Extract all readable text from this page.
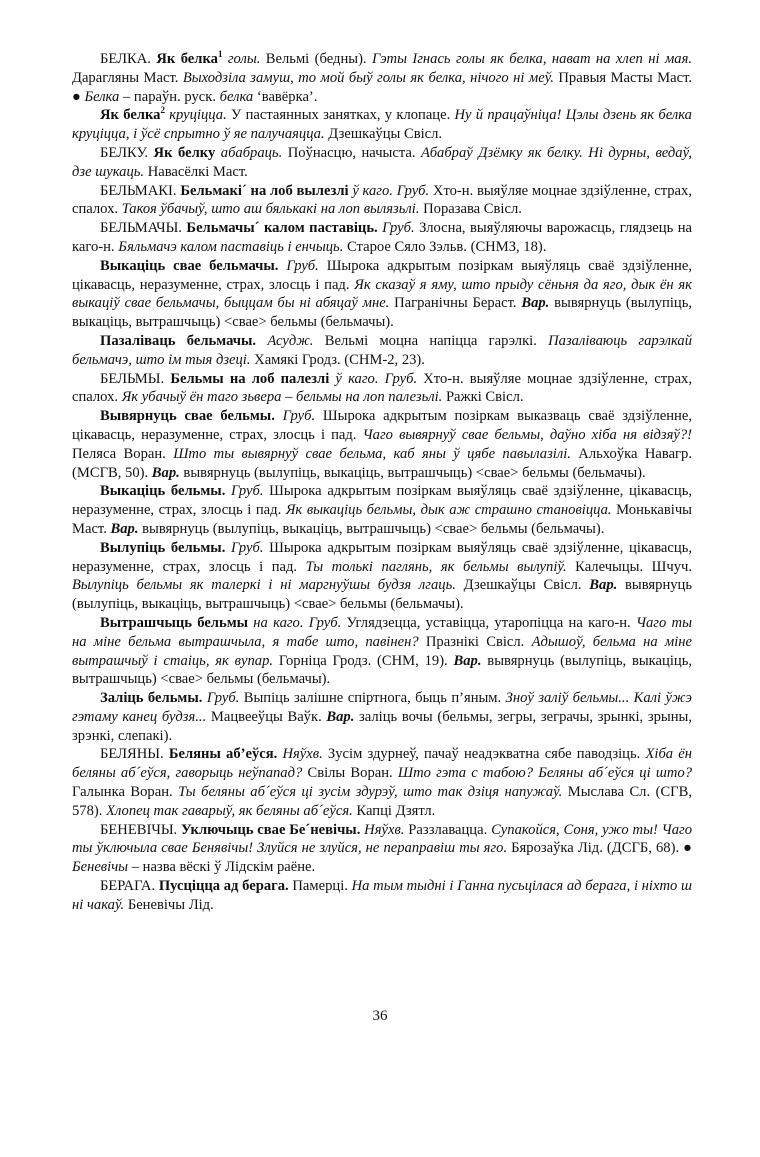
БЕЛКА. Як белка$^1$ голы. Вельмі (бедны). Гэты Ігнась голы як белка, нават на хлеп ні мая. Дарагляны Маст. Выходзіла замуш, то мой быў голы як белка, нічого ні меў. Правыя Масты Маст. ● Белка – параўн. руск. белка ‘вавёрка’.

Як белка$^2$ круціцца. У пастаянных занятках, у клопаце. Ну й працаўніца! Цэлы дзень як белка круціцца, і ўсё спрытно ў яе палучаяцца. Дзешкаўцы Свісл.

БЕЛКУ. Як белку абабраць. Поўнасцю, начыста. Абабраў Дзёмку як белку. Ні дурны, ведаў, дзе шукаць. Навасёлкі Маст.

БЕЛЬМАКІ. Бельмакі´ на лоб вылезлі ў каго. Груб. Хто-н. выяўляе моцнае здзіўленне, страх, спалох. Такоя ўбачыў, што аш бялькакі на лоп вылязьлі. Поразава Свісл.

БЕЛЬМАЧЫ. Бельмачы´ калом паставіць. Груб. Злосна, выяўляючы варожасць, глядзець на каго-н. Бяльмачэ калом паставіць і енчыць. Старое Сяло Зэльв. (СНМЗ, 18).

Выкаціць свае бельмачы. Груб. Шырока адкрытым позіркам выяўляць сваё здзіўленне, цікавасць, неразуменне, страх, злосць і пад. Як сказаў я яму, што прыду сёньня да яго, дык ён як выкаціў свае бельмачы, быццам бы ні абяцаў мне. Пагранічны Бераст. Вар. вывярнуць (вылупіць, выкаціць, вытрашчыць) <свае> бельмы (бельмачы).

Пазаліваць бельмачы. Асудж. Вельмі моцна напіцца гарэлкі. Пазаліваюць гарэлкай бельмачэ, што ім тыя дзеці. Хамякі Гродз. (СНМ-2, 23).

БЕЛЬМЫ. Бельмы на лоб палезлі ў каго. Груб. Хто-н. выяўляе моцнае здзіўленне, страх, спалох. Як убачыў ён таго зьвера – бельмы на лоп палезьлі. Ражкі Свісл.

Вывярнуць свае бельмы. Груб. Шырока адкрытым позіркам выказваць сваё здзіўленне, цікавасць, неразуменне, страх, злосць і пад. Чаго вывярнуў свае бельмы, даўно хіба ня відзяў?! Пеляса Воран. Што ты вывярнуў свае бельма, каб яны ў цябе павылазілі. Альхоўка Навагр. (МСГВ, 50). Вар. вывярнуць (вылупіць, выкаціць, вытрашчыць) <свае> бельмы (бельмачы).

Выкаціць бельмы. Груб. Шырока адкрытым позіркам выяўляць сваё здзіўленне, цікавасць, неразуменне, страх, злосць і пад. Як выкаціць бельмы, дык аж страшно становіцца. Монькавічы Маст. Вар. вывярнуць (вылупіць, выкаціць, вытрашчыць) <свае> бельмы (бельмачы).

Вылупіць бельмы. Груб. Шырока адкрытым позіркам выяўляць сваё здзіўленне, цікавасць, неразуменне, страх, злосць і пад. Ты толькі паглянь, як бельмы вылупіў. Калечыцы. Шчуч. Вылупіць бельмы як талеркі і ні маргнуўшы будзя лгаць. Дзешкаўцы Свісл. Вар. вывярнуць (вылупіць, выкаціць, вытрашчыць) <свае> бельмы (бельмачы).

Вытрашчыць бельмы на каго. Груб. Углядзецца, уставіцца, утаропіцца на каго-н. Чаго ты на міне бельма вытрашчыла, я табе што, павінен? Празнікі Свісл. Адышоў, бельма на міне вытрашчыў і стаіць, як вупар. Горніца Гродз. (СНМ, 19). Вар. вывярнуць (вылупіць, выкаціць, вытрашчыць) <свае> бельмы (бельмачы).

Заліць бельмы. Груб. Выпіць залішне спіртнога, быць п’яным. Зноў заліў бельмы... Калі ўжэ гэтаму канец будзя... Мацвееўцы Ваўк. Вар. заліць вочы (бельмы, зегры, зеграчы, зрынкі, зрыны, зрэнкі, слепакі).

БЕЛЯНЫ. Беляны аб’еўся. Няўхв. Зусім здурнеў, пачаў неадэкватна сябе паводзіць. Хіба ён беляны аб´еўся, гаворыць неўпапад? Свілы Воран. Што гэта с табою? Беляны аб´еўся ці што? Галынка Воран. Ты беляны аб´еўся ці зусім здурэў, што так дзіця напужаў. Мыслава Сл. (СГВ, 578). Хлопец так гаварыў, як беляны аб´еўся. Капці Дзятл.

БЕНЕВІЧЫ. Уключыць свае Бе´невічы. Няўхв. Раззлавацца. Супакойся, Соня, ужо ты! Чаго ты ўключыла свае Бенявічы! Злуйся не злуйся, не пераправіш ты яго. Бярозаўка Лід. (ДСГБ, 68). ● Беневічы – назва вёскі ў Лідскім раёне.

БЕРАГА. Пусціцца ад берага. Памерці. На тым тыдні і Ганна пусьцілася ад берага, і ніхто ш ні чакаў. Беневічы Лід.

36
